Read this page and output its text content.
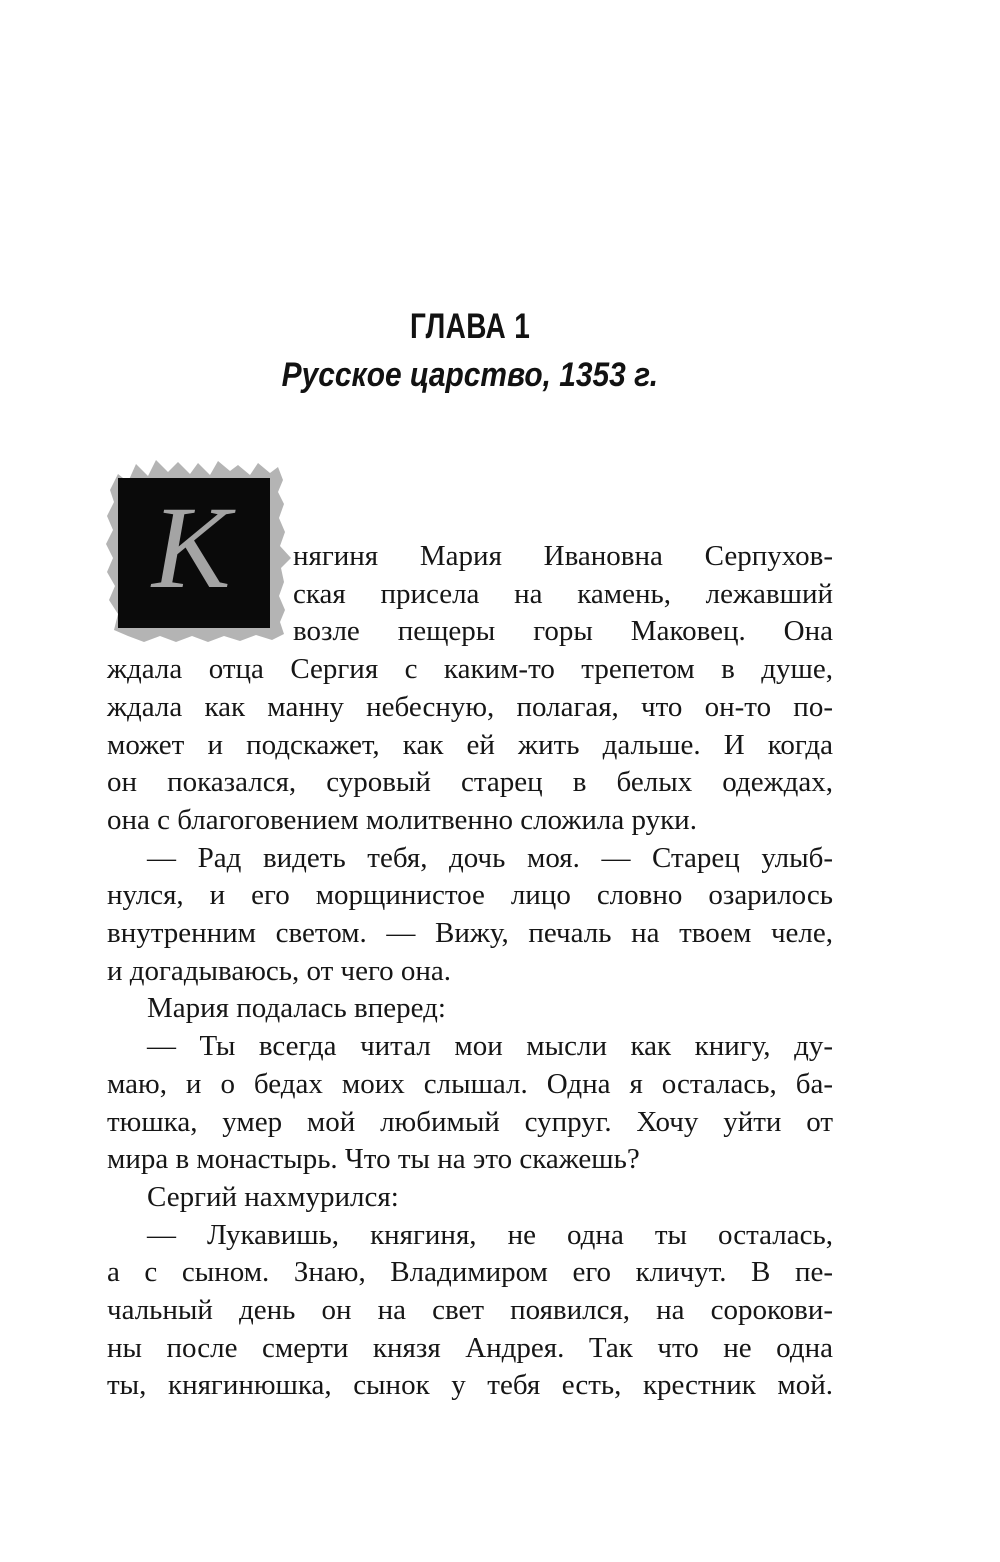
ГЛАВА 1
Русское царство, 1353 г.
К нягиня Мария Ивановна Серпухов-
ская присела на камень, лежавший
возле пещеры горы Маковец. Она
ждала отца Сергия с каким-то трепетом в душе,
ждала как манну небесную, полагая, что он-то по-
может и подскажет, как ей жить дальше. И когда
он показался, суровый старец в белых одеждах,
она с благоговением молитвенно сложила руки.
— Рад видеть тебя, дочь моя. — Старец улыб-
нулся, и его морщинистое лицо словно озарилось
внутренним светом. — Вижу, печаль на твоем челе,
и догадываюсь, от чего она.
Мария подалась вперед:
— Ты всегда читал мои мысли как книгу, ду-
маю, и о бедах моих слышал. Одна я осталась, ба-
тюшка, умер мой любимый супруг. Хочу уйти от
мира в монастырь. Что ты на это скажешь?
Сергий нахмурился:
— Лукавишь, княгиня, не одна ты осталась,
а с сыном. Знаю, Владимиром его кличут. В пе-
чальный день он на свет появился, на сорокови-
ны после смерти князя Андрея. Так что не одна
ты, княгинюшка, сынок у тебя есть, крестник мой.
